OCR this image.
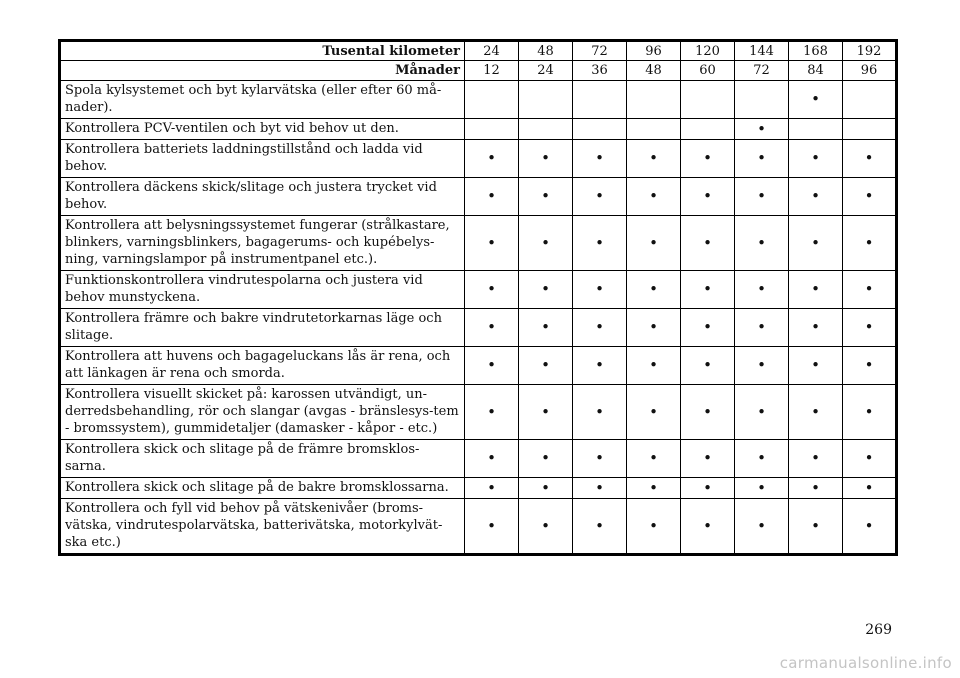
Tusental kilometer	24	48	72	96	120	144	168	192
Månader	12	24	36	48	60	72	84	96
Spola kylsystemet och byt kylarvätska (eller efter 60 må-nader).							•	
Kontrollera PCV-ventilen och byt vid behov ut den.						•		
Kontrollera batteriets laddningstillstånd och ladda vid behov.	•	•	•	•	•	•	•	•
Kontrollera däckens skick/slitage och justera trycket vid behov.	•	•	•	•	•	•	•	•
Kontrollera att belysningssystemet fungerar (strålkastare, blinkers, varningsblinkers, bagagerums- och kupébelys-ning, varningslampor på instrumentpanel etc.).	•	•	•	•	•	•	•	•
Funktionskontrollera vindrutespolarna och justera vid behov munstyckena.	•	•	•	•	•	•	•	•
Kontrollera främre och bakre vindrutetorkarnas läge och slitage.	•	•	•	•	•	•	•	•
Kontrollera att huvens och bagageluckans lås är rena, och att länkagen är rena och smorda.	•	•	•	•	•	•	•	•
Kontrollera visuellt skicket på: karossen utvändigt, un-derredsbehandling, rör och slangar (avgas - bränslesys-tem - bromssystem), gummidetaljer (damasker - kåpor - etc.)	•	•	•	•	•	•	•	•
Kontrollera skick och slitage på de främre bromsklos-sarna.	•	•	•	•	•	•	•	•
Kontrollera skick och slitage på de bakre bromsklossarna.	•	•	•	•	•	•	•	•
Kontrollera och fyll vid behov på vätskenivåer (broms-vätska, vindrutespolarvätska, batterivätska, motorkylvät-ska etc.)	•	•	•	•	•	•	•	•
269
carmanualsonline.info
